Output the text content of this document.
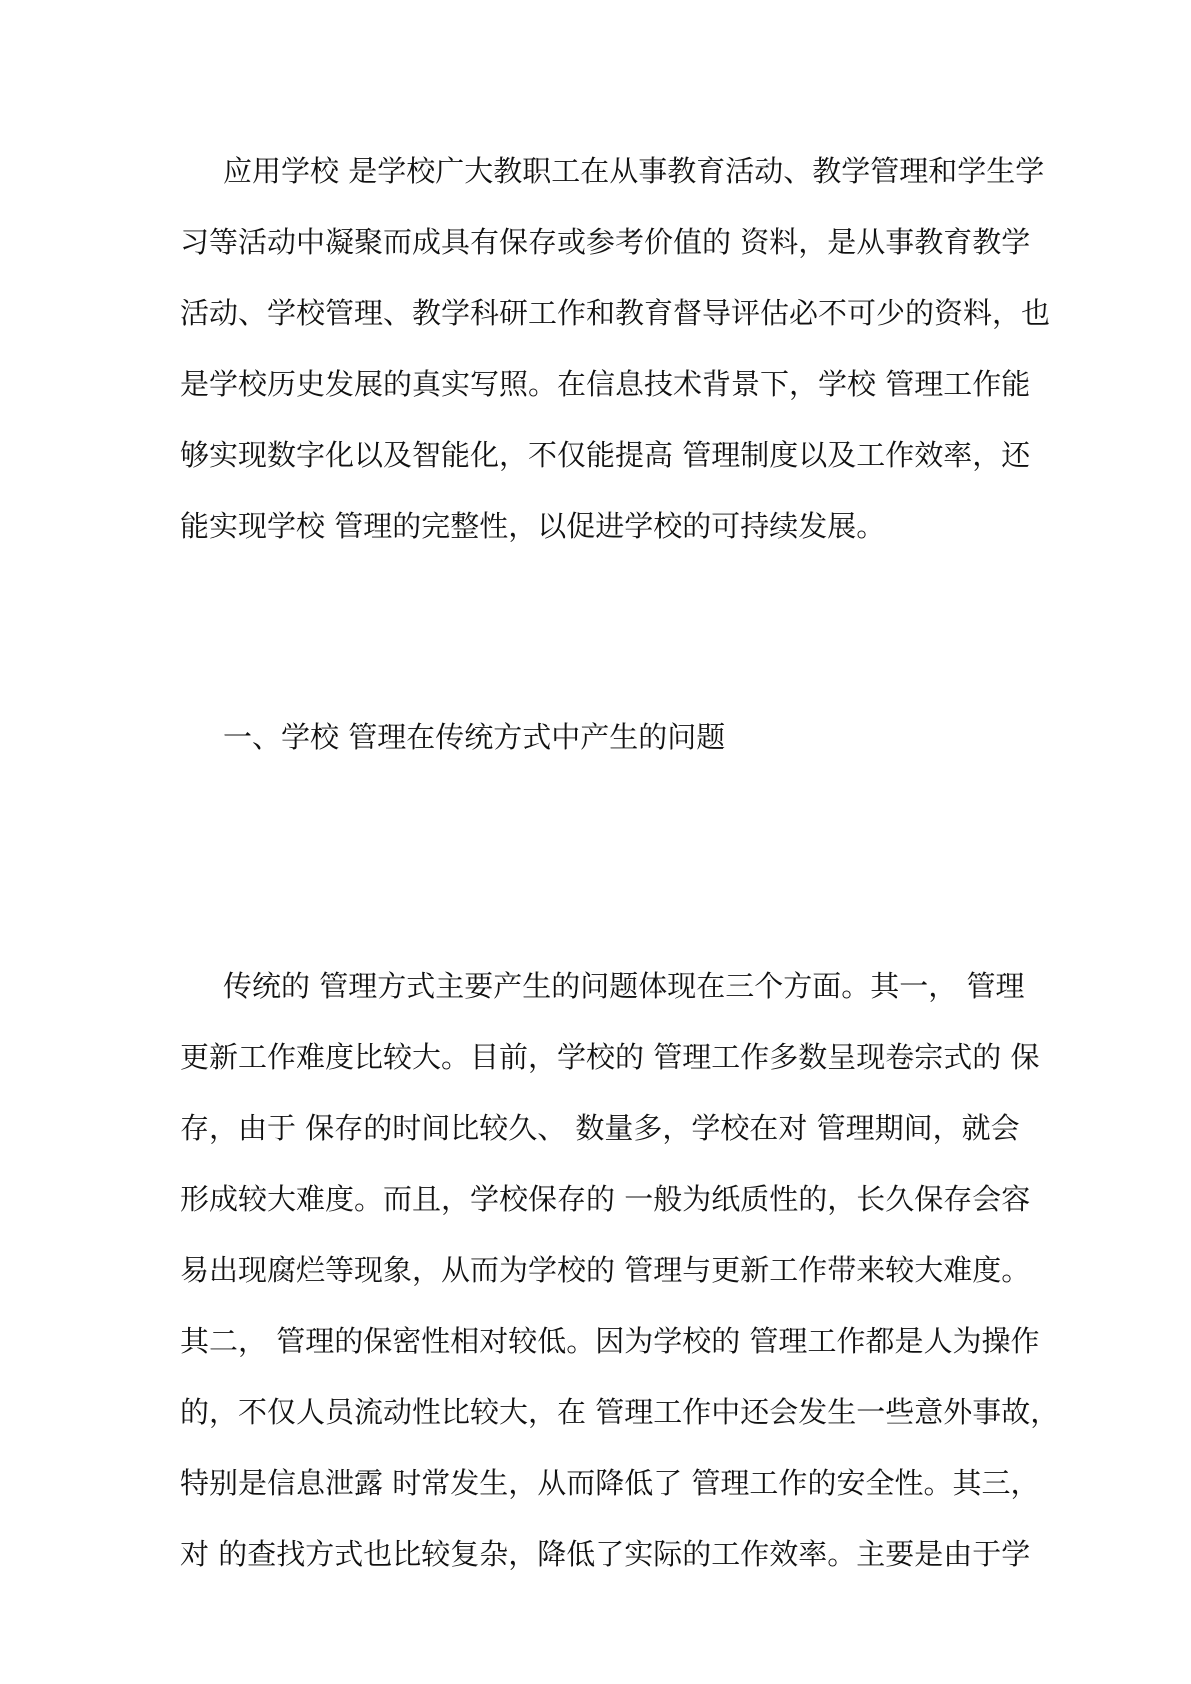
应用学校 是学校广大教职工在从事教育活动、教学管理和学生学
习等活动中凝聚而成具有保存或参考价值的 资料，是从事教育教学
活动、学校管理、教学科研工作和教育督导评估必不可少的资料，也
是学校历史发展的真实写照。在信息技术背景下，学校 管理工作能
够实现数字化以及智能化，不仅能提高 管理制度以及工作效率，还
能实现学校 管理的完整性，以促进学校的可持续发展。
一、学校 管理在传统方式中产生的问题
传统的 管理方式主要产生的问题体现在三个方面。其一， 管理
更新工作难度比较大。目前，学校的 管理工作多数呈现卷宗式的 保
存，由于 保存的时间比较久、 数量多，学校在对 管理期间，就会
形成较大难度。而且，学校保存的 一般为纸质性的，长久保存会容
易出现腐烂等现象，从而为学校的 管理与更新工作带来较大难度。
其二， 管理的保密性相对较低。因为学校的 管理工作都是人为操作
的，不仅人员流动性比较大，在 管理工作中还会发生一些意外事故，
特别是信息泄露 时常发生，从而降低了 管理工作的安全性。其三，
对 的查找方式也比较复杂，降低了实际的工作效率。主要是由于学
